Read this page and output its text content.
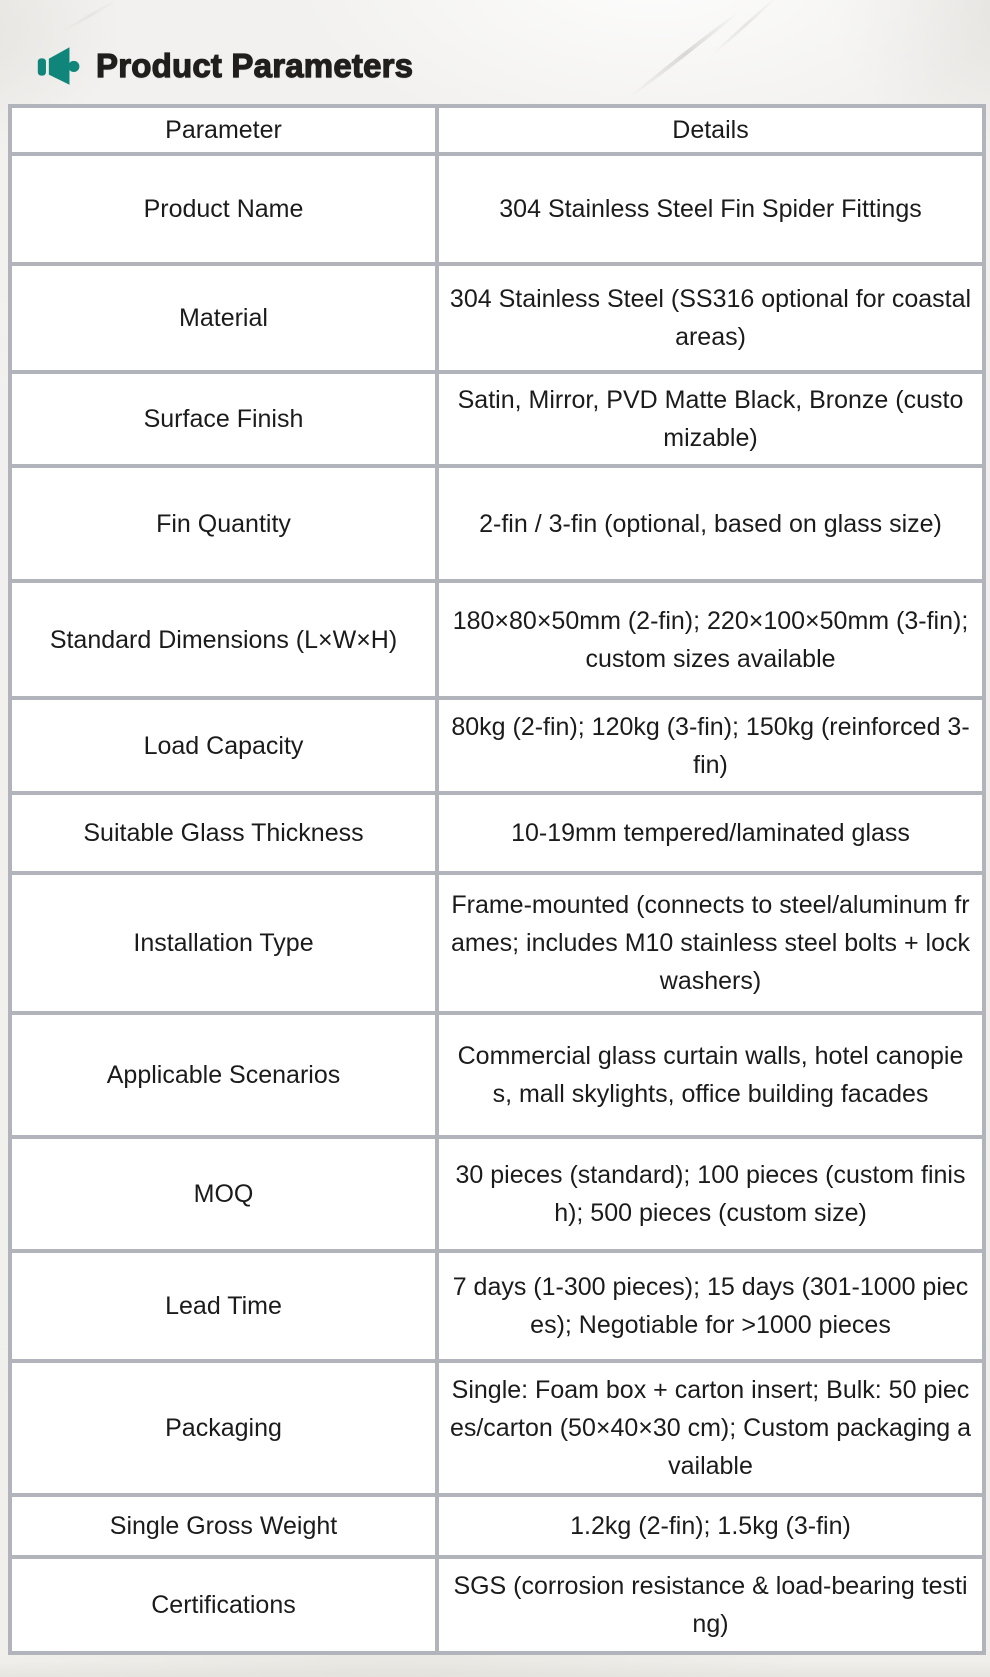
Product Parameters
Parameter	Details
Product Name	304 Stainless Steel Fin Spider Fittings
Material	304 Stainless Steel (SS316 optional for coastal areas)
Surface Finish	Satin, Mirror, PVD Matte Black, Bronze (customizable)
Fin Quantity	2-fin / 3-fin (optional, based on glass size)
Standard Dimensions (L×W×H)	180×80×50mm (2-fin); 220×100×50mm (3-fin); custom sizes available
Load Capacity	80kg (2-fin); 120kg (3-fin); 150kg (reinforced 3-fin)
Suitable Glass Thickness	10-19mm tempered/laminated glass
Installation Type	Frame-mounted (connects to steel/aluminum frames; includes M10 stainless steel bolts + lock washers)
Applicable Scenarios	Commercial glass curtain walls, hotel canopies, mall skylights, office building facades
MOQ	30 pieces (standard); 100 pieces (custom finish); 500 pieces (custom size)
Lead Time	7 days (1-300 pieces); 15 days (301-1000 pieces); Negotiable for >1000 pieces
Packaging	Single: Foam box + carton insert; Bulk: 50 pieces/carton (50×40×30 cm); Custom packaging available
Single Gross Weight	1.2kg (2-fin); 1.5kg (3-fin)
Certifications	SGS (corrosion resistance & load-bearing testing)
